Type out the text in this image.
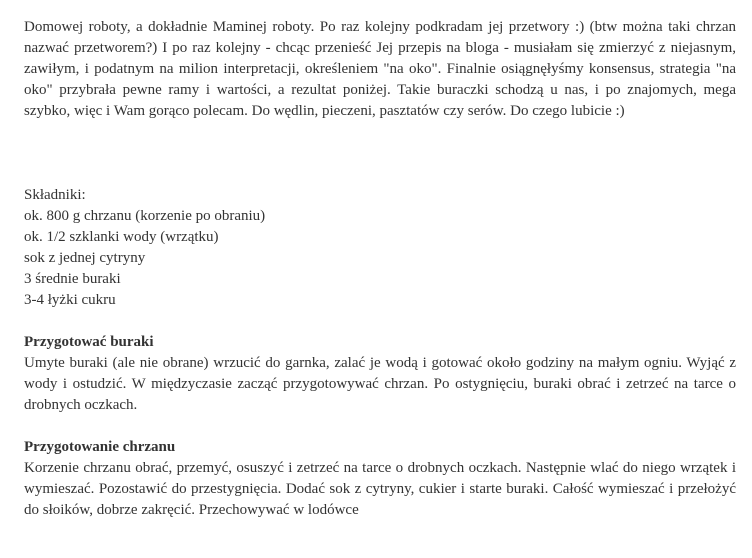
Domowej roboty, a dokładnie Maminej roboty. Po raz kolejny podkradam jej przetwory :) (btw można taki chrzan nazwać przetworem?) I po raz kolejny - chcąc przenieść Jej przepis na bloga - musiałam się zmierzyć z niejasnym, zawiłym, i podatnym na milion interpretacji, określeniem "na oko". Finalnie osiągnęłyśmy konsensus, strategia "na oko" przybrała pewne ramy i wartości, a rezultat poniżej. Takie buraczki schodzą u nas, i po znajomych, mega szybko, więc i Wam gorąco polecam. Do wędlin, pieczeni, pasztatów czy serów. Do czego lubicie :)

Składniki:
ok. 800 g chrzanu (korzenie po obraniu)
ok. 1/2 szklanki wody (wrzątku)
sok z jednej cytryny
3 średnie buraki
3-4 łyżki cukru
Przygotować buraki

Umyte buraki (ale nie obrane) wrzucić do garnka, zalać je wodą i gotować około godziny na małym ogniu. Wyjąć z wody i ostudzić. W międzyczasie zacząć przygotowywać chrzan. Po ostygnięciu, buraki obrać i zetrzeć na tarce o drobnych oczkach.

Przygotowanie chrzanu

Korzenie chrzanu obrać, przemyć, osuszyć i zetrzeć na tarce o drobnych oczkach. Następnie wlać do niego wrzątek i wymieszać. Pozostawić do przestygnięcia. Dodać sok z cytryny, cukier i starte buraki. Całość wymieszać i przełożyć do słoików, dobrze zakręcić. Przechowywać w lodówce
